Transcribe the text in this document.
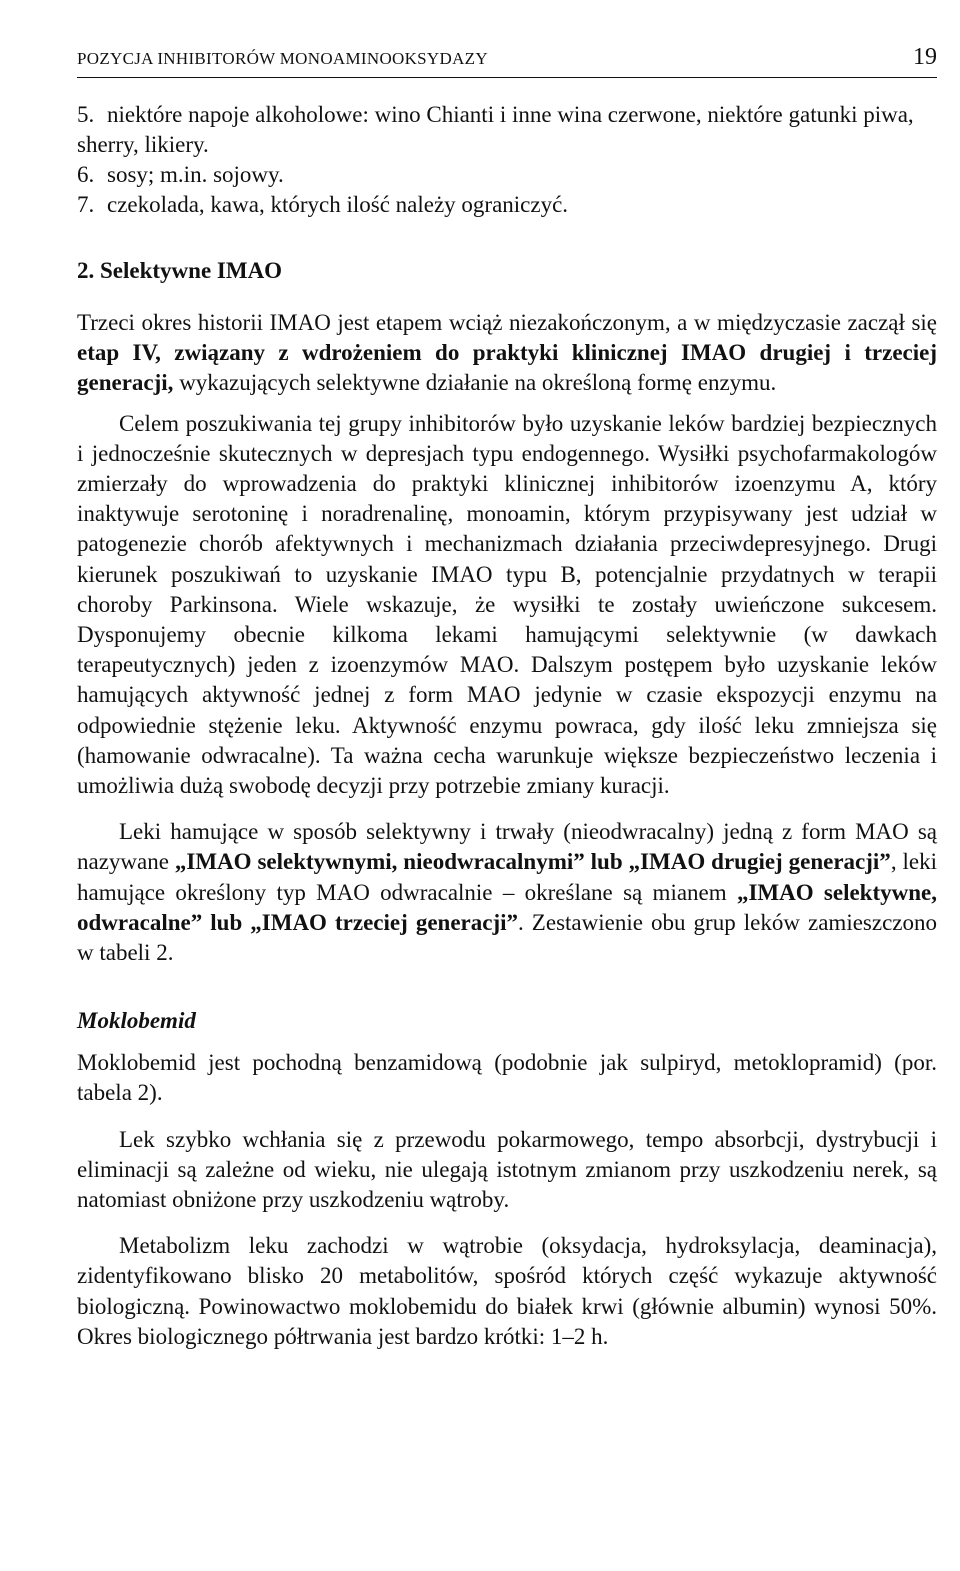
POZYCJA INHIBITORÓW MONOAMINOOKSYDAZY	19
5. niektóre napoje alkoholowe: wino Chianti i inne wina czerwone, niektóre gatunki piwa, sherry, likiery.
6. sosy; m.in. sojowy.
7. czekolada, kawa, których ilość należy ograniczyć.
2. Selektywne IMAO

Trzeci okres historii IMAO jest etapem wciąż niezakończonym, a w międzyczasie zaczął się etap IV, związany z wdrożeniem do praktyki klinicznej IMAO drugiej i trzeciej generacji, wykazujących selektywne działanie na określoną formę enzymu.

Celem poszukiwania tej grupy inhibitorów było uzyskanie leków bardziej bezpiecznych i jednocześnie skutecznych w depresjach typu endogennego. Wysiłki psychofarmakologów zmierzały do wprowadzenia do praktyki klinicznej inhibitorów izoenzymu A, który inaktywuje serotoninę i noradrenalinę, monoamin, którym przypisywany jest udział w patogenezie chorób afektywnych i mechanizmach działania przeciwdepresyjnego. Drugi kierunek poszukiwań to uzyskanie IMAO typu B, potencjalnie przydatnych w terapii choroby Parkinsona. Wiele wskazuje, że wysiłki te zostały uwieńczone sukcesem. Dysponujemy obecnie kilkoma lekami hamującymi selektywnie (w dawkach terapeutycznych) jeden z izoenzymów MAO. Dalszym postępem było uzyskanie leków hamujących aktywność jednej z form MAO jedynie w czasie ekspozycji enzymu na odpowiednie stężenie leku. Aktywność enzymu powraca, gdy ilość leku zmniejsza się (hamowanie odwracalne). Ta ważna cecha warunkuje większe bezpieczeństwo leczenia i umożliwia dużą swobodę decyzji przy potrzebie zmiany kuracji.

Leki hamujące w sposób selektywny i trwały (nieodwracalny) jedną z form MAO są nazywane „IMAO selektywnymi, nieodwracalnymi” lub „IMAO drugiej generacji”, leki hamujące określony typ MAO odwracalnie – określane są mianem „IMAO selektywne, odwracalne” lub „IMAO trzeciej generacji”. Zestawienie obu grup leków zamieszczono w tabeli 2.

Moklobemid

Moklobemid jest pochodną benzamidową (podobnie jak sulpiryd, metoklopramid) (por. tabela 2).

Lek szybko wchłania się z przewodu pokarmowego, tempo absorbcji, dystrybucji i eliminacji są zależne od wieku, nie ulegają istotnym zmianom przy uszkodzeniu nerek, są natomiast obniżone przy uszkodzeniu wątroby.

Metabolizm leku zachodzi w wątrobie (oksydacja, hydroksylacja, deaminacja), zidentyfikowano blisko 20 metabolitów, spośród których część wykazuje aktywność biologiczną. Powinowactwo moklobemidu do białek krwi (głównie albumin) wynosi 50%. Okres biologicznego półtrwania jest bardzo krótki: 1–2 h.
